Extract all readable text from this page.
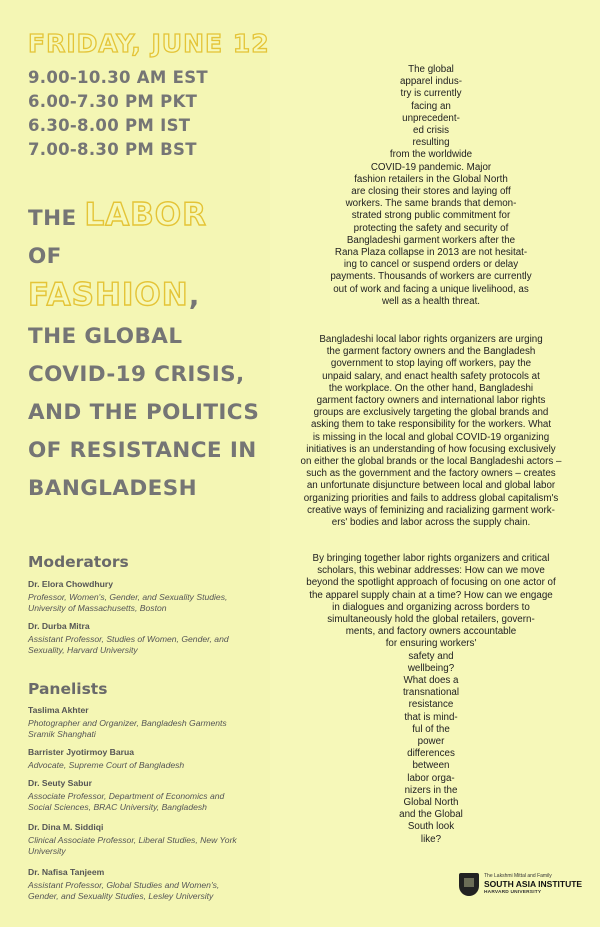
FRIDAY, JUNE 12
9.00-10.30 AM EST
6.00-7.30 PM PKT
6.30-8.00 PM IST
7.00-8.30 PM BST
THE LABOR
OF
FASHION,
THE GLOBAL
COVID-19 CRISIS,
AND THE POLITICS
OF RESISTANCE IN
BANGLADESH
Moderators
Dr. Elora Chowdhury
Professor, Women's, Gender, and Sexuality Studies,
University of Massachusetts, Boston
Dr. Durba Mitra
Assistant Professor, Studies of Women, Gender, and
Sexuality, Harvard University
Panelists
Taslima Akhter
Photographer and Organizer, Bangladesh Garments
Sramik Shanghati
Barrister Jyotirmoy Barua
Advocate, Supreme Court of Bangladesh
Dr. Seuty Sabur
Associate Professor, Department of Economics and
Social Sciences, BRAC University, Bangladesh
Dr. Dina M. Siddiqi
Clinical Associate Professor, Liberal Studies, New York
University
Dr. Nafisa Tanjeem
Assistant Professor, Global Studies and Women's,
Gender, and Sexuality Studies, Lesley University
The global
apparel indus-
try is currently
facing an
unprecedent-
ed crisis
resulting
from the worldwide
COVID-19 pandemic. Major
fashion retailers in the Global North
are closing their stores and laying off
workers. The same brands that demon-
strated strong public commitment for
protecting the safety and security of
Bangladeshi garment workers after the
Rana Plaza collapse in 2013 are not hesitat-
ing to cancel or suspend orders or delay
payments. Thousands of workers are currently
out of work and facing a unique livelihood, as
well as a health threat.
Bangladeshi local labor rights organizers are urging
the garment factory owners and the Bangladesh
government to stop laying off workers, pay the
unpaid salary, and enact health safety protocols at
the workplace. On the other hand, Bangladeshi
garment factory owners and international labor rights
groups are exclusively targeting the global brands and
asking them to take responsibility for the workers. What
is missing in the local and global COVID-19 organizing
initiatives is an understanding of how focusing exclusively
on either the global brands or the local Bangladeshi actors –
such as the government and the factory owners – creates
an unfortunate disjuncture between local and global labor
organizing priorities and fails to address global capitalism's
creative ways of feminizing and racializing garment work-
ers' bodies and labor across the supply chain.
By bringing together labor rights organizers and critical
scholars, this webinar addresses: How can we move
beyond the spotlight approach of focusing on one actor of
the apparel supply chain at a time? How can we engage
in dialogues and organizing across borders to
simultaneously hold the global retailers, govern-
ments, and factory owners accountable
for ensuring workers'
safety and
wellbeing?
What does a
transnational
resistance
that is mind-
ful of the
power
differences
between
labor orga-
nizers in the
Global North
and the Global
South look
like?
The Lakshmi Mittal and Family
SOUTH ASIA INSTITUTE
HARVARD UNIVERSITY
